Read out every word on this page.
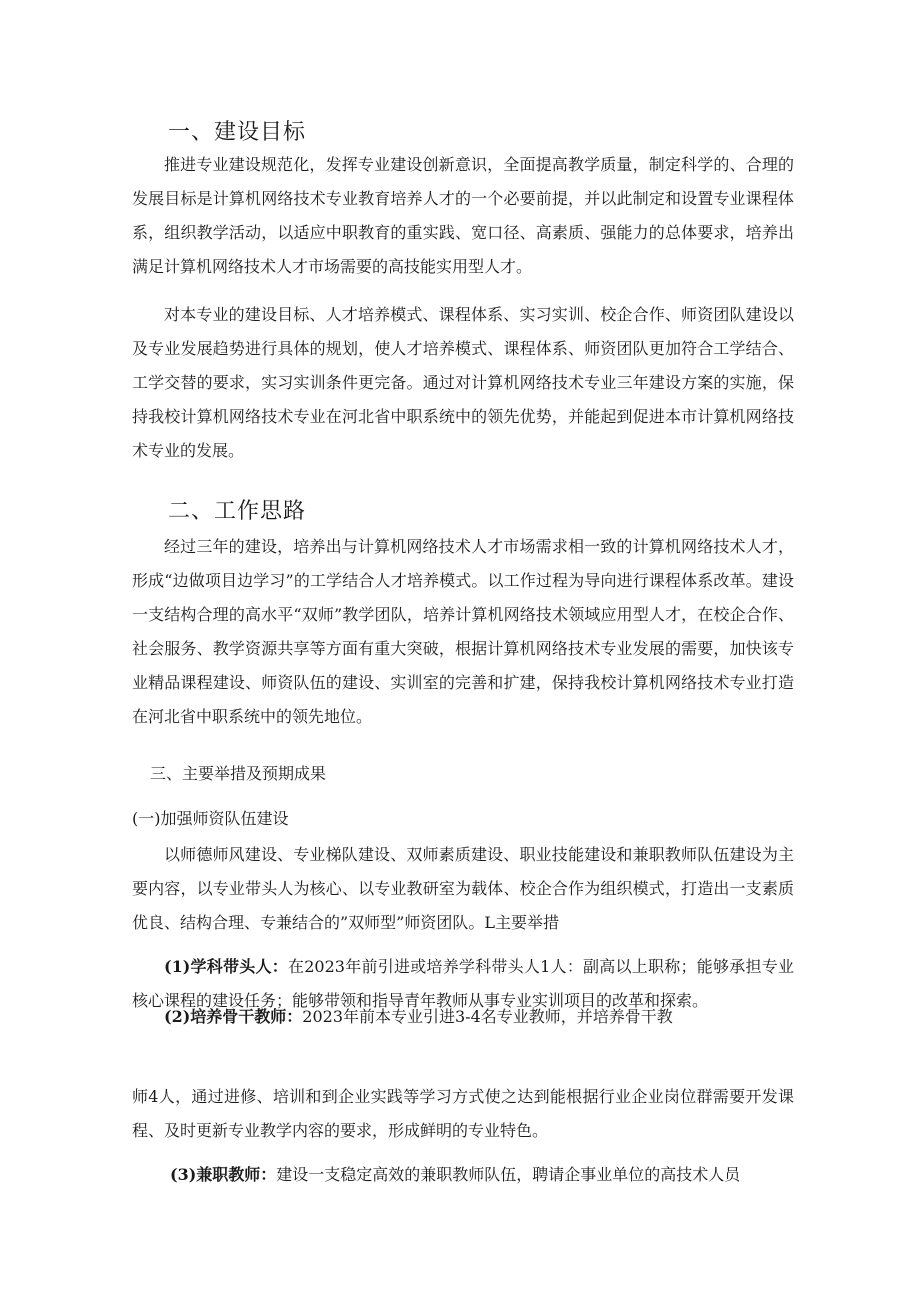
一、建设目标

推进专业建设规范化，发挥专业建设创新意识，全面提高教学质量，制定科学的、合理的发展目标是计算机网络技术专业教育培养人才的一个必要前提，并以此制定和设置专业课程体系，组织教学活动，以适应中职教育的重实践、宽口径、高素质、强能力的总体要求，培养出满足计算机网络技术人才市场需要的高技能实用型人才。

对本专业的建设目标、人才培养模式、课程体系、实习实训、校企合作、师资团队建设以及专业发展趋势进行具体的规划，使人才培养模式、课程体系、师资团队更加符合工学结合、工学交替的要求，实习实训条件更完备。通过对计算机网络技术专业三年建设方案的实施，保持我校计算机网络技术专业在河北省中职系统中的领先优势，并能起到促进本市计算机网络技术专业的发展。

二、工作思路

经过三年的建设，培养出与计算机网络技术人才市场需求相一致的计算机网络技术人才，形成“边做项目边学习”的工学结合人才培养模式。以工作过程为导向进行课程体系改革。建设一支结构合理的高水平“双师”教学团队，培养计算机网络技术领域应用型人才，在校企合作、社会服务、教学资源共享等方面有重大突破，根据计算机网络技术专业发展的需要，加快该专业精品课程建设、师资队伍的建设、实训室的完善和扩建，保持我校计算机网络技术专业打造在河北省中职系统中的领先地位。

三、主要举措及预期成果
(一)加强师资队伍建设

以师德师风建设、专业梯队建设、双师素质建设、职业技能建设和兼职教师队伍建设为主要内容，以专业带头人为核心、以专业教研室为载体、校企合作为组织模式，打造出一支素质优良、结构合理、专兼结合的”双师型”师资团队。L主要举措

(1)学科带头人：在2023年前引进或培养学科带头人1人：副高以上职称；能够承担专业核心课程的建设任务；能够带领和指导青年教师从事专业实训项目的改革和探索。

(2)培养骨干教师：2023年前本专业引进3-4名专业教师，并培养骨干教

师4人，通过进修、培训和到企业实践等学习方式使之达到能根据行业企业岗位群需要开发课程、及时更新专业教学内容的要求，形成鲜明的专业特色。

(3)兼职教师：建设一支稳定高效的兼职教师队伍，聘请企事业单位的高技术人员
